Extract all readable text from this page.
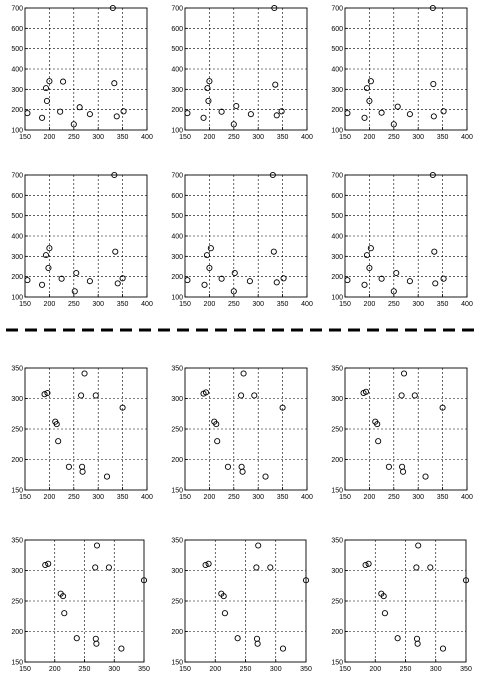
150 200 250 300 350 400
100
200
300
400
500
600
700
150 200 250 300 350 400
100
200
300
400
500
600
700
150 200 250 300 350 400
100
200
300
400
500
600
700
150 200 250 300 350 400
100
200
300
400
500
600
700
150 200 250 300 350 400
100
200
300
400
500
600
700
150 200 250 300 350 400
100
200
300
400
500
600
700
150 200 250 300 350 400
150
200
250
300
350
150 200 250 300 350 400
150
200
250
300
350
150 200 250 300 350 400
150
200
250
300
350
150	200	250	300	350
150
200
250
300
350
150	200	250	300	350
150
200
250
300
350
150	200	250	300	350
150
200
250
300
350
